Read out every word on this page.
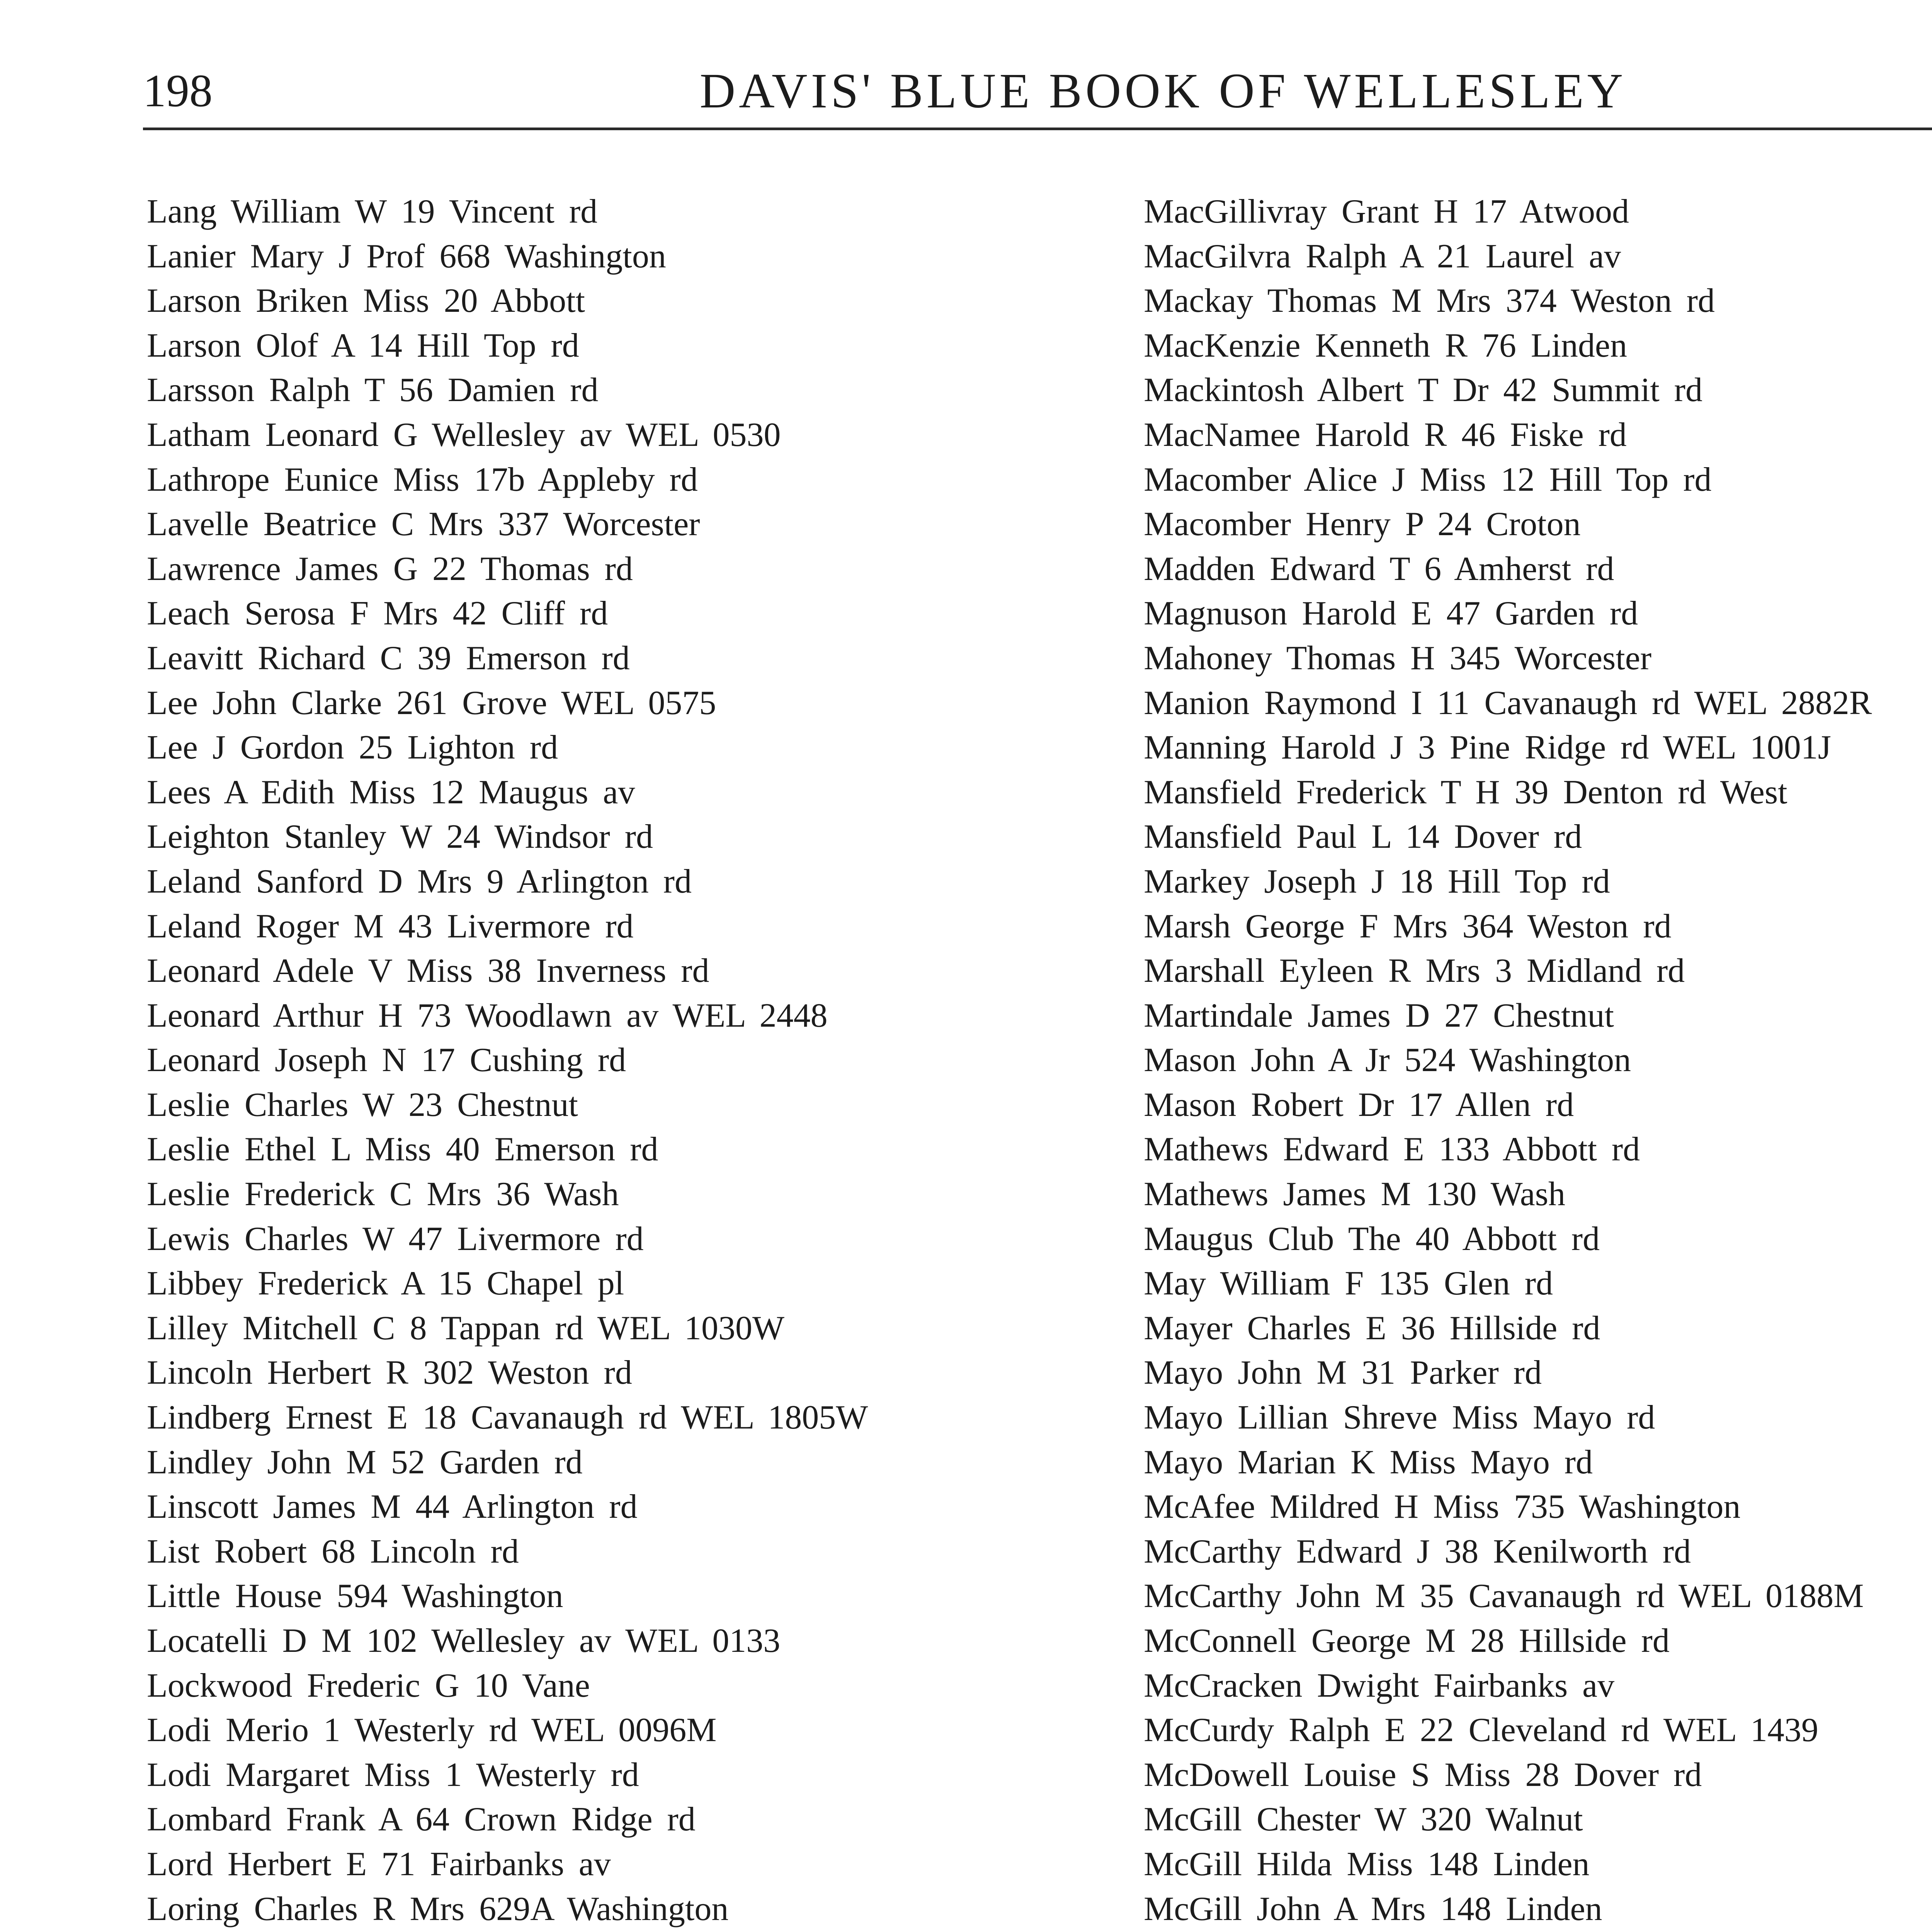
198	DAVIS' BLUE BOOK OF WELLESLEY
Lang William W 19 Vincent rd
Lanier Mary J Prof 668 Washington
Larson Briken Miss 20 Abbott
Larson Olof A 14 Hill Top rd
Larsson Ralph T 56 Damien rd
Latham Leonard G Wellesley av WEL 0530
Lathrope Eunice Miss 17b Appleby rd
Lavelle Beatrice C Mrs 337 Worcester
Lawrence James G 22 Thomas rd
Leach Serosa F Mrs 42 Cliff rd
Leavitt Richard C 39 Emerson rd
Lee John Clarke 261 Grove WEL 0575
Lee J Gordon 25 Lighton rd
Lees A Edith Miss 12 Maugus av
Leighton Stanley W 24 Windsor rd
Leland Sanford D Mrs 9 Arlington rd
Leland Roger M 43 Livermore rd
Leonard Adele V Miss 38 Inverness rd
Leonard Arthur H 73 Woodlawn av WEL 2448
Leonard Joseph N 17 Cushing rd
Leslie Charles W 23 Chestnut
Leslie Ethel L Miss 40 Emerson rd
Leslie Frederick C Mrs 36 Wash
Lewis Charles W 47 Livermore rd
Libbey Frederick A 15 Chapel pl
Lilley Mitchell C 8 Tappan rd WEL 1030W
Lincoln Herbert R 302 Weston rd
Lindberg Ernest E 18 Cavanaugh rd WEL 1805W
Lindley John M 52 Garden rd
Linscott James M 44 Arlington rd
List Robert 68 Lincoln rd
Little House 594 Washington
Locatelli D M 102 Wellesley av WEL 0133
Lockwood Frederic G 10 Vane
Lodi Merio 1 Westerly rd WEL 0096M
Lodi Margaret Miss 1 Westerly rd
Lombard Frank A 64 Crown Ridge rd
Lord Herbert E 71 Fairbanks av
Loring Charles R Mrs 629A Washington
MacGillivray Grant H 17 Atwood
MacGilvra Ralph A 21 Laurel av
Mackay Thomas M Mrs 374 Weston rd
MacKenzie Kenneth R 76 Linden
Mackintosh Albert T Dr 42 Summit rd
MacNamee Harold R 46 Fiske rd
Macomber Alice J Miss 12 Hill Top rd
Macomber Henry P 24 Croton
Madden Edward T 6 Amherst rd
Magnuson Harold E 47 Garden rd
Mahoney Thomas H 345 Worcester
Manion Raymond I 11 Cavanaugh rd WEL 2882R
Manning Harold J 3 Pine Ridge rd WEL 1001J
Mansfield Frederick T H 39 Denton rd West
Mansfield Paul L 14 Dover rd
Markey Joseph J 18 Hill Top rd
Marsh George F Mrs 364 Weston rd
Marshall Eyleen R Mrs 3 Midland rd
Martindale James D 27 Chestnut
Mason John A Jr 524 Washington
Mason Robert Dr 17 Allen rd
Mathews Edward E 133 Abbott rd
Mathews James M 130 Wash
Maugus Club The 40 Abbott rd
May William F 135 Glen rd
Mayer Charles E 36 Hillside rd
Mayo John M 31 Parker rd
Mayo Lillian Shreve Miss Mayo rd
Mayo Marian K Miss Mayo rd
McAfee Mildred H Miss 735 Washington
McCarthy Edward J 38 Kenilworth rd
McCarthy John M 35 Cavanaugh rd WEL 0188M
McConnell George M 28 Hillside rd
McCracken Dwight Fairbanks av
McCurdy Ralph E 22 Cleveland rd WEL 1439
McDowell Louise S Miss 28 Dover rd
McGill Chester W 320 Walnut
McGill Hilda Miss 148 Linden
McGill John A Mrs 148 Linden
